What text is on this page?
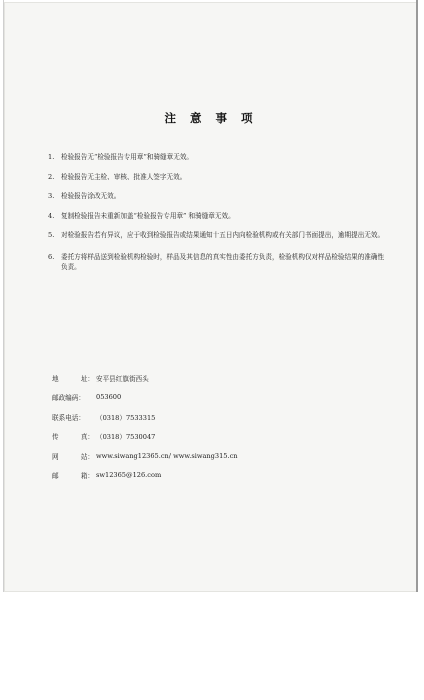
注 意 事 项
1.	检验报告无“检验报告专用章”和骑缝章无效。
2.	检验报告无主检、审核、批准人签字无效。
3.	检验报告涂改无效。
4.	复制检验报告未重新加盖“检验报告专用章” 和骑缝章无效。
5.	对检验报告若有异议，应于收到检验报告或结果通知十五日内向检验机构或有关部门书面提出，逾期提出无效。
6.	委托方将样品送到检验机构检验时，样品及其信息的真实性由委托方负责，检验机构仅对样品检验结果的准确性负责。
地	址： 安平县红旗街西头
邮政编码：	053600
联系电话：	（0318）7533315
传	真： （0318）7530047
网	站： www.siwang12365.cn/ www.siwang315.cn
邮	箱： sw12365@126.com
